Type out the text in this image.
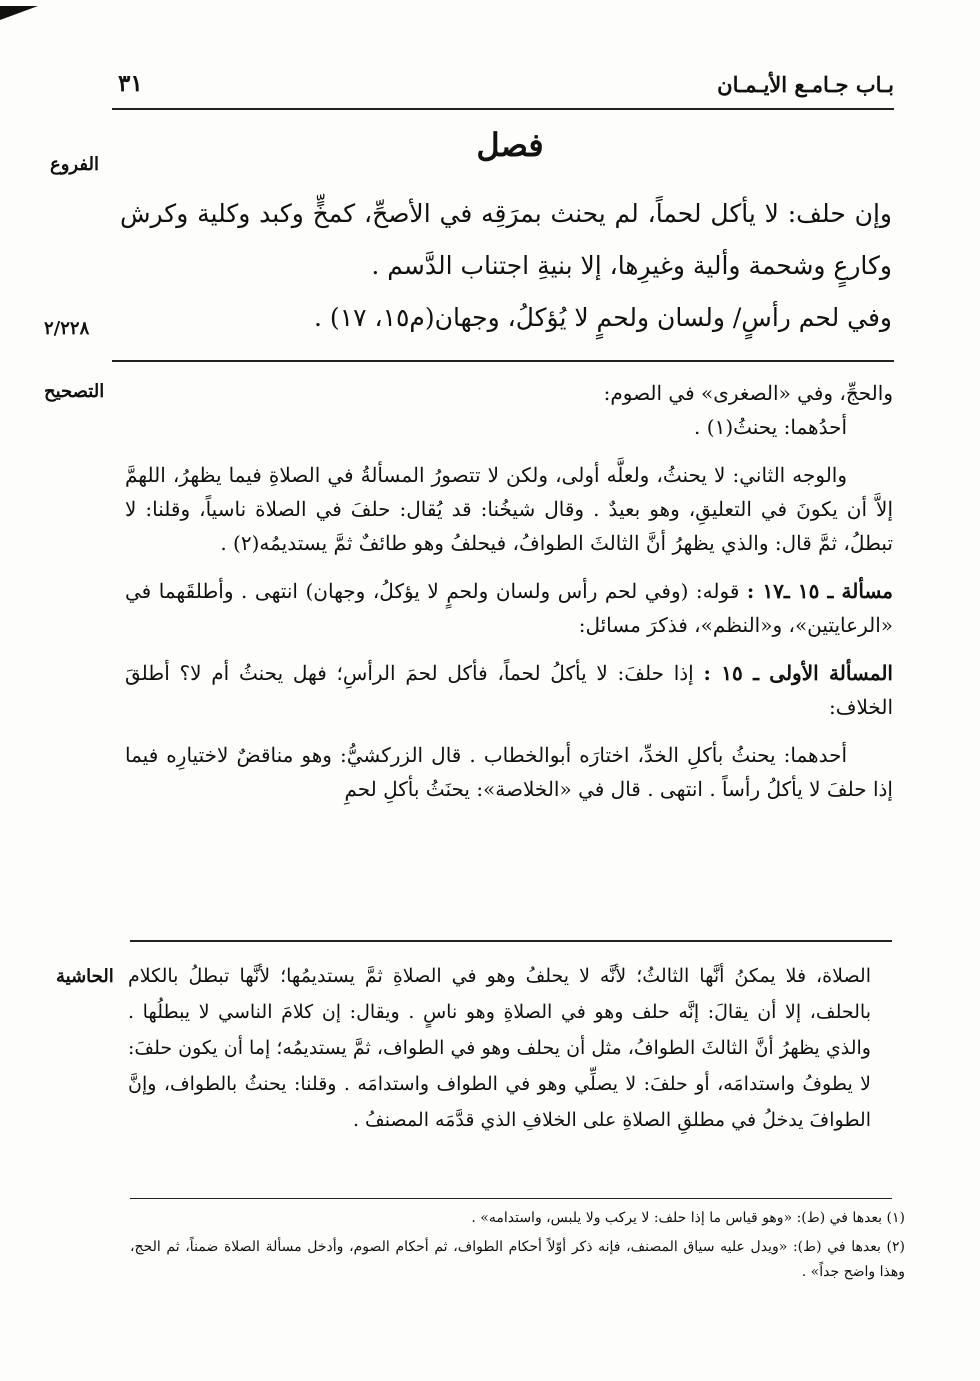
بـاب جـامـع الأيـمـان
٣١
الفروع
٢/٢٢٨
التصحيح
الحاشية
فصل

وإن حلف: لا يأكل لحماً، لم يحنث بمرَقِه في الأصحِّ، كمخٍّ وكبد وكلية وكرش وكارعٍ وشحمة وألية وغيرِها، إلا بنيةِ اجتناب الدَّسم .

وفي لحم رأسٍ/ ولسان ولحمٍ لا يُؤكلُ، وجهان(م١٥، ١٧) .

والحجِّ، وفي «الصغرى» في الصوم:

أحدُهما: يحنثُ(١) .

والوجه الثاني: لا يحنثُ، ولعلَّه أولى، ولكن لا تتصورُ المسألةُ في الصلاةِ فيما يظهرُ، اللهمَّ إلاَّ أن يكونَ في التعليقِ، وهو بعيدٌ . وقال شيخُنا: قد يُقال: حلفَ في الصلاة ناسياً، وقلنا: لا تبطلُ، ثمَّ قال: والذي يظهرُ أنَّ الثالثَ الطوافُ، فيحلفُ وهو طائفٌ ثمَّ يستديمُه(٢) .

مسألة ـ ١٥ ـ١٧ : قوله: (وفي لحم رأس ولسان ولحمٍ لا يؤكلُ، وجهان) انتهى . وأطلقَهما في «الرعايتين»، و«النظم»، فذكرَ مسائل:

المسألة الأولى ـ ١٥ : إذا حلفَ: لا يأكلُ لحماً، فأكل لحمَ الرأسِ؛ فهل يحنثُ أم لا؟ أطلقَ الخلاف:

أحدهما: يحنثُ بأكلِ الخدِّ، اختارَه أبوالخطاب . قال الزركشيُّ: وهو مناقضٌ لاختيارِه فيما إذا حلفَ لا يأكلُ رأساً . انتهى . قال في «الخلاصة»: يحنَثُ بأكلِ لحمِ

الصلاة، فلا يمكنُ أنَّها الثالثُ؛ لأنَّه لا يحلفُ وهو في الصلاةِ ثمَّ يستديمُها؛ لأنَّها تبطلُ بالكلام بالحلف، إلا أن يقالَ: إنَّه حلف وهو في الصلاةِ وهو ناسٍ . ويقال: إن كلامَ الناسي لا يبطلُها . والذي يظهرُ أنَّ الثالثَ الطوافُ، مثل أن يحلف وهو في الطواف، ثمَّ يستديمُه؛ إما أن يكون حلفَ: لا يطوفُ واستدامَه، أو حلفَ: لا يصلِّي وهو في الطواف واستدامَه . وقلنا: يحنثُ بالطواف، وإنَّ الطوافَ يدخلُ في مطلقِ الصلاةِ على الخلافِ الذي قدَّمَه المصنفُ .

(١) بعدها في (ط): «وهو قياس ما إذا حلف: لا يركب ولا يلبس، واستدامه» .

(٢) بعدها في (ط): «ويدل عليه سياق المصنف، فإنه ذكر أوّلاً أحكام الطواف، ثم أحكام الصوم، وأدخل مسألة الصلاة ضمناً، ثم الحج، وهذا واضح جداً» .
